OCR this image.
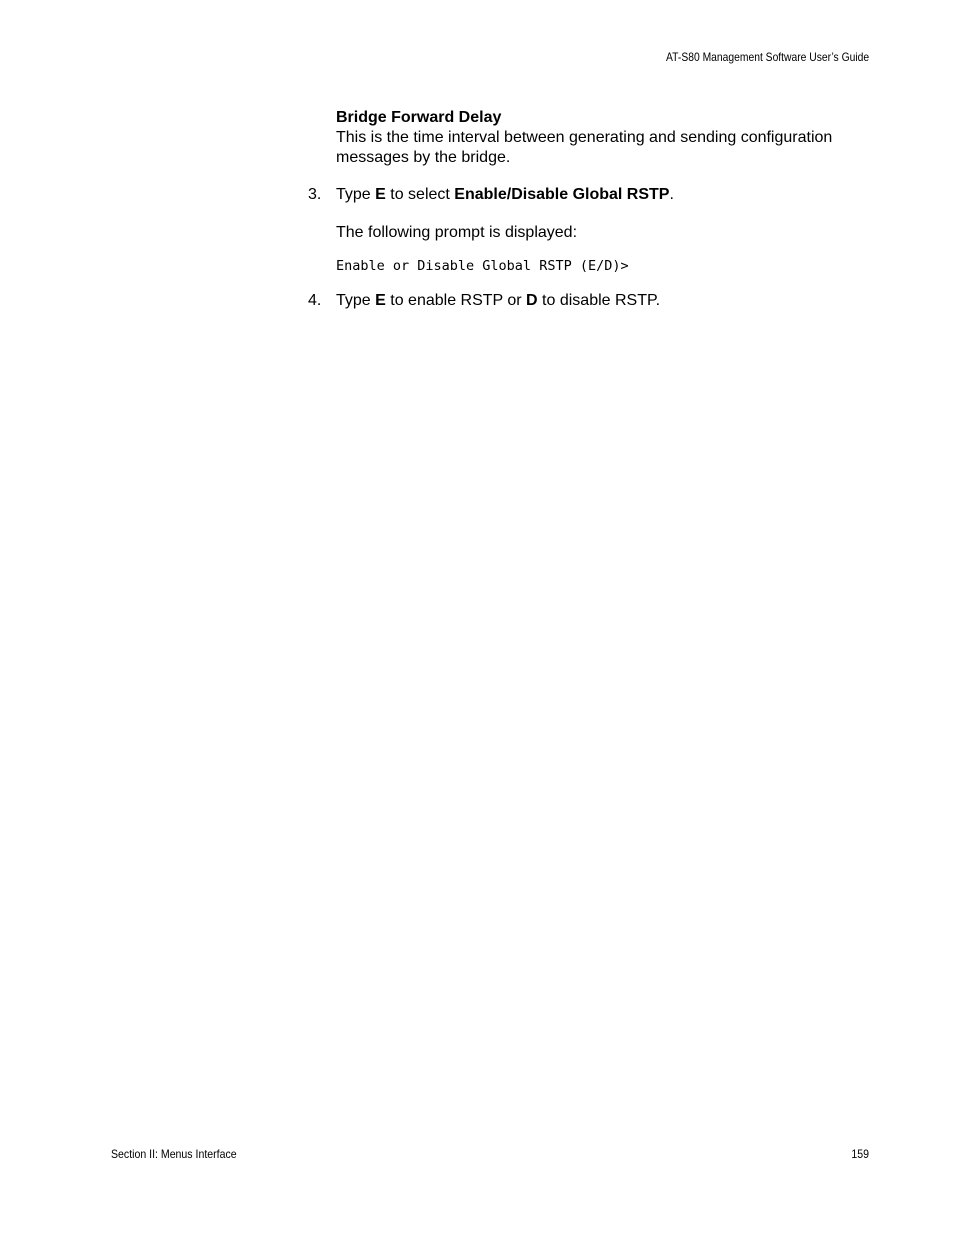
AT-S80 Management Software User’s Guide

Bridge Forward Delay

This is the time interval between generating and sending configuration messages by the bridge.

3. Type E to select Enable/Disable Global RSTP.

The following prompt is displayed:

Enable or Disable Global RSTP (E/D)>

4. Type E to enable RSTP or D to disable RSTP.

Section II: Menus Interface	159
